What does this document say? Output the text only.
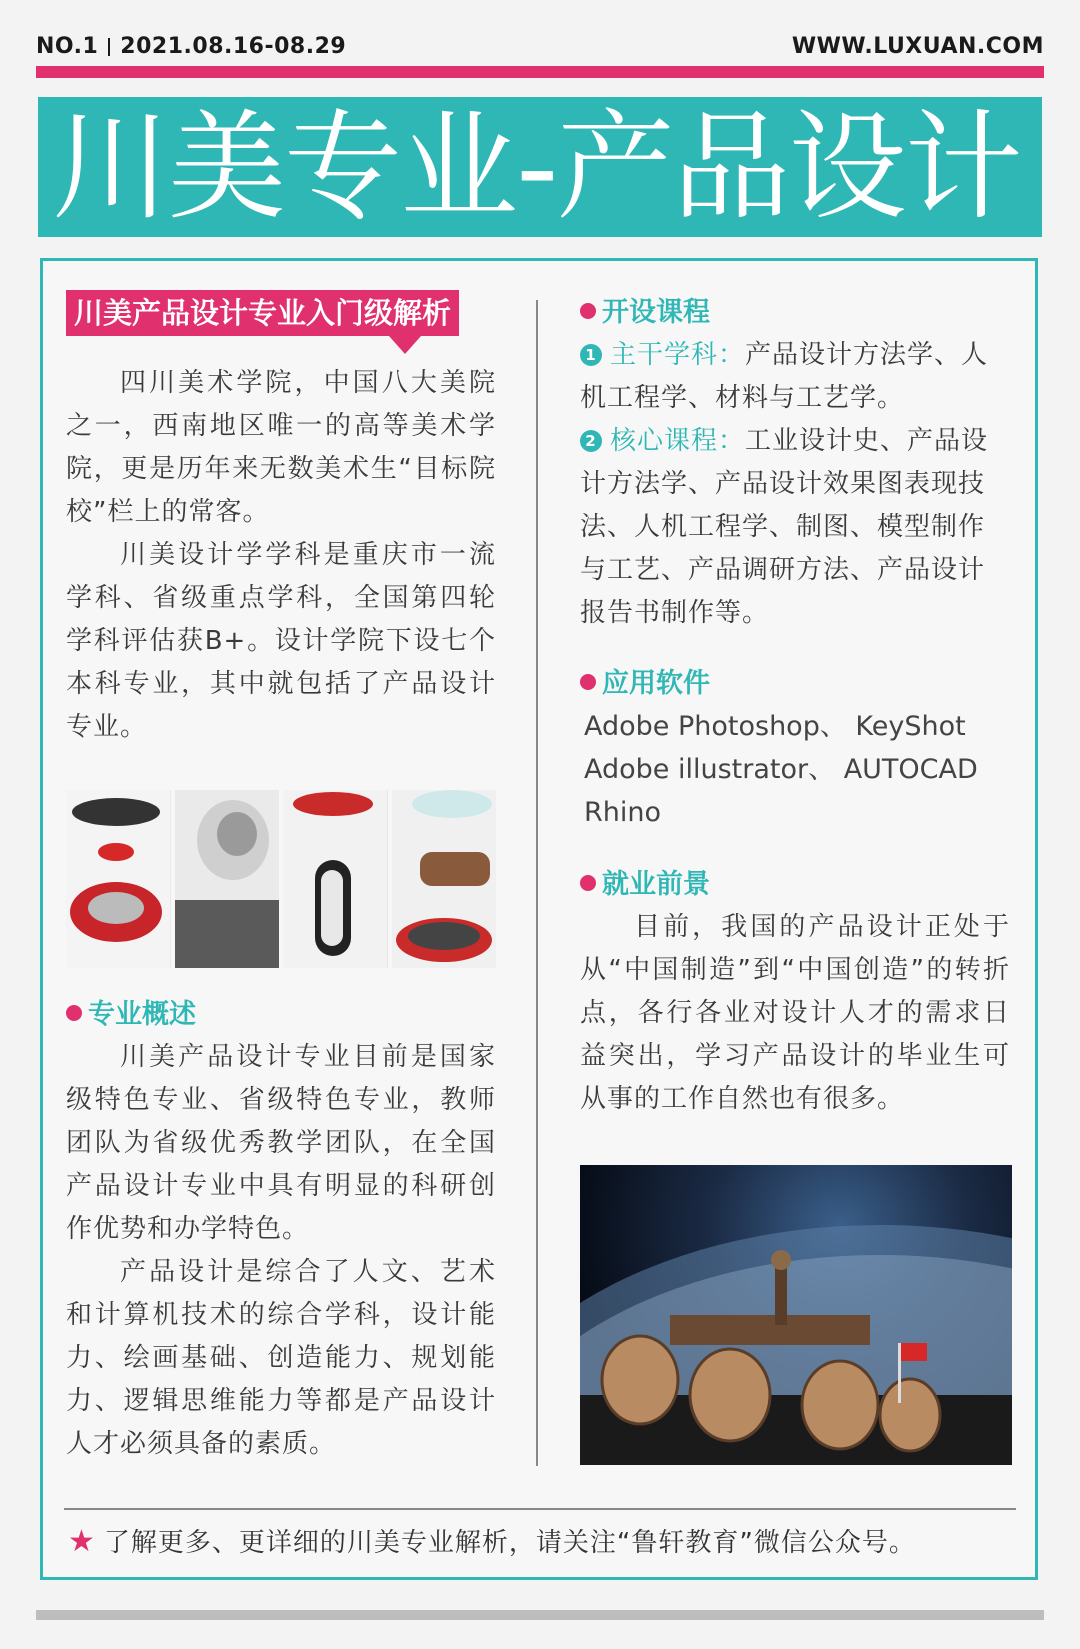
NO.1 2021.08.16-08.29	WWW.LUXUAN.COM
川美专业-产品设计
川美产品设计专业入门级解析

四川美术学院，中国八大美院之一，西南地区唯一的高等美术学院，更是历年来无数美术生“目标院校”栏上的常客。

川美设计学学科是重庆市一流学科、省级重点学科，全国第四轮学科评估获B+。设计学院下设七个本科专业，其中就包括了产品设计专业。

专业概述

川美产品设计专业目前是国家级特色专业、省级特色专业，教师团队为省级优秀教学团队，在全国产品设计专业中具有明显的科研创作优势和办学特色。

产品设计是综合了人文、艺术和计算机技术的综合学科，设计能力、绘画基础、创造能力、规划能力、逻辑思维能力等都是产品设计人才必须具备的素质。

开设课程
1 主干学科：产品设计方法学、人机工程学、材料与工艺学。
2 核心课程：工业设计史、产品设计方法学、产品设计效果图表现技法、人机工程学、制图、模型制作与工艺、产品调研方法、产品设计报告书制作等。
应用软件
Adobe Photoshop、 KeyShot
Adobe illustrator、 AUTOCAD
Rhino
就业前景

目前，我国的产品设计正处于从“中国制造”到“中国创造”的转折点，各行各业对设计人才的需求日益突出，学习产品设计的毕业生可从事的工作自然也有很多。

★ 了解更多、更详细的川美专业解析，请关注“鲁轩教育”微信公众号。
